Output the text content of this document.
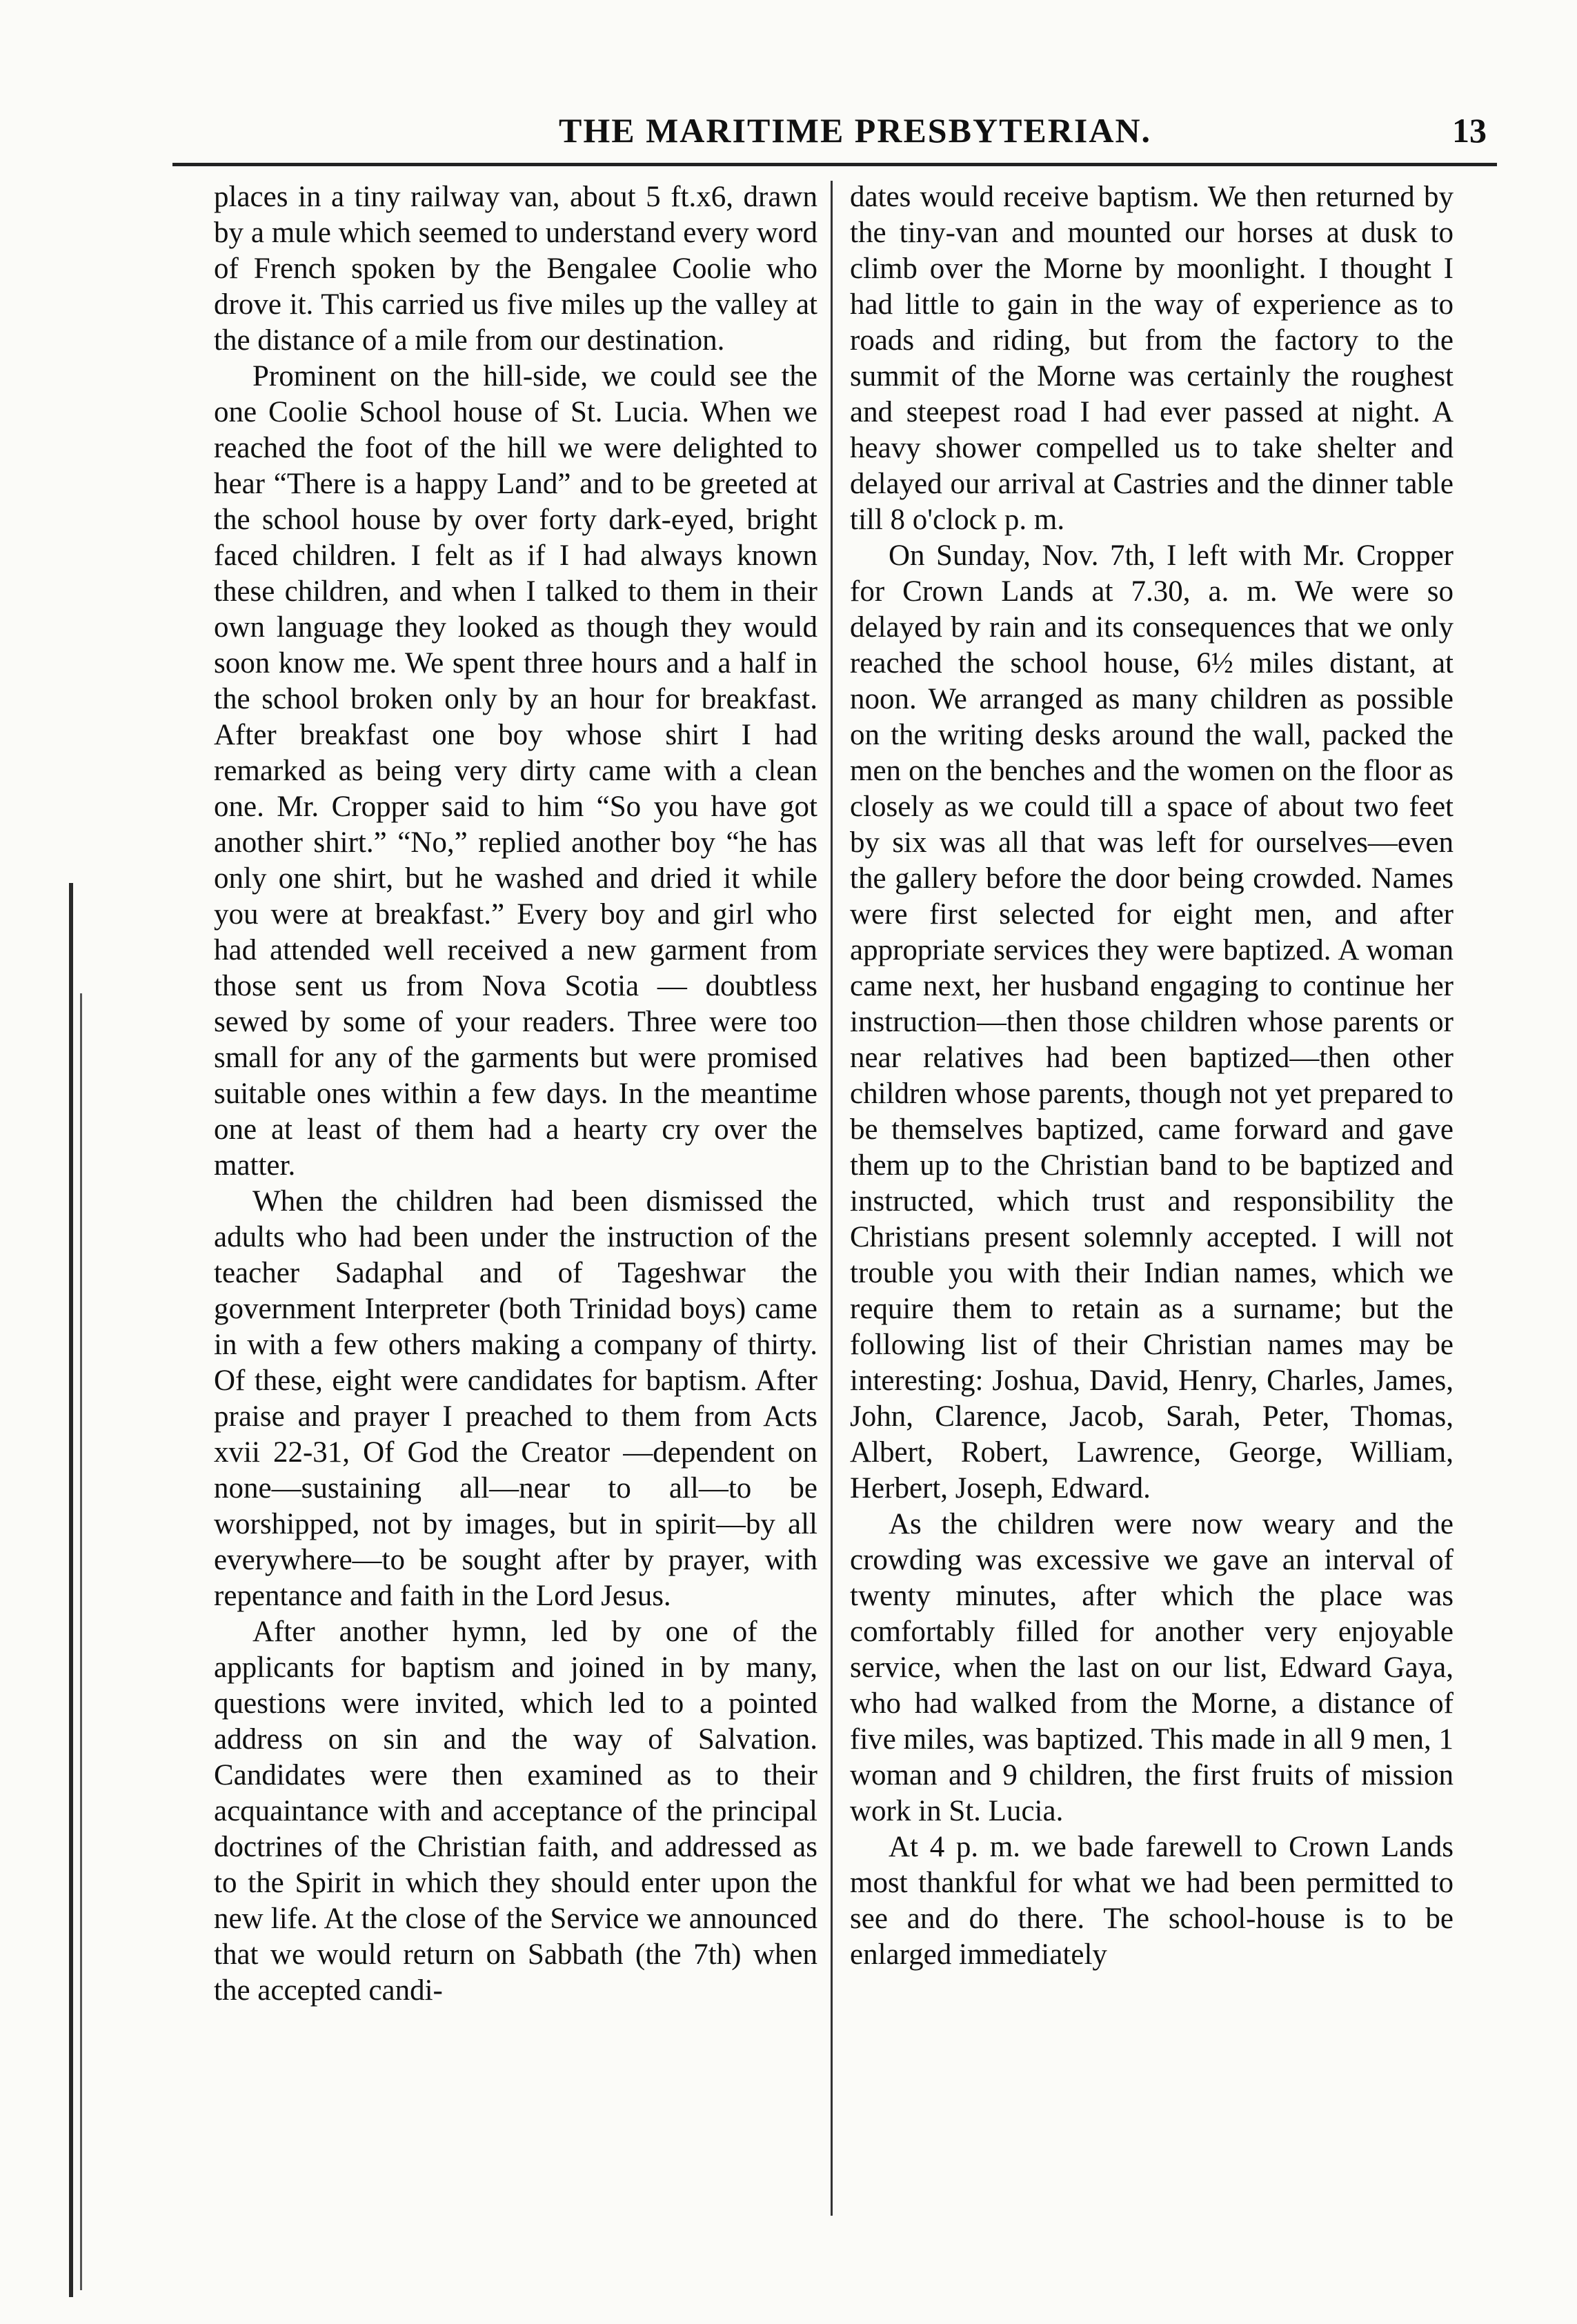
THE MARITIME PRESBYTERIAN.	13

places in a tiny railway van, about 5 ft.x6, drawn by a mule which seemed to understand every word of French spoken by the Bengalee Coolie who drove it. This carried us five miles up the valley at the distance of a mile from our destination.

Prominent on the hill-side, we could see the one Coolie School house of St. Lucia. When we reached the foot of the hill we were delighted to hear “There is a happy Land” and to be greeted at the school house by over forty dark-eyed, bright faced children. I felt as if I had always known these children, and when I talked to them in their own language they looked as though they would soon know me. We spent three hours and a half in the school broken only by an hour for breakfast. After breakfast one boy whose shirt I had remarked as being very dirty came with a clean one. Mr. Cropper said to him “So you have got another shirt.” “No,” replied another boy “he has only one shirt, but he washed and dried it while you were at breakfast.” Every boy and girl who had attended well received a new garment from those sent us from Nova Scotia — doubtless sewed by some of your readers. Three were too small for any of the garments but were promised suitable ones within a few days. In the meantime one at least of them had a hearty cry over the matter.

When the children had been dismissed the adults who had been under the instruction of the teacher Sadaphal and of Tageshwar the government Interpreter (both Trinidad boys) came in with a few others making a company of thirty. Of these, eight were candidates for baptism. After praise and prayer I preached to them from Acts xvii 22-31, Of God the Creator —dependent on none—sustaining all—near to all—to be worshipped, not by images, but in spirit—by all everywhere—to be sought after by prayer, with repentance and faith in the Lord Jesus.

After another hymn, led by one of the applicants for baptism and joined in by many, questions were invited, which led to a pointed address on sin and the way of Salvation. Candidates were then examined as to their acquaintance with and acceptance of the principal doctrines of the Christian faith, and addressed as to the Spirit in which they should enter upon the new life. At the close of the Service we announced that we would return on Sabbath (the 7th) when the accepted candi-

dates would receive baptism. We then returned by the tiny-van and mounted our horses at dusk to climb over the Morne by moonlight. I thought I had little to gain in the way of experience as to roads and riding, but from the factory to the summit of the Morne was certainly the roughest and steepest road I had ever passed at night. A heavy shower compelled us to take shelter and delayed our arrival at Castries and the dinner table till 8 o'clock p. m.

On Sunday, Nov. 7th, I left with Mr. Cropper for Crown Lands at 7.30, a. m. We were so delayed by rain and its consequences that we only reached the school house, 6½ miles distant, at noon. We arranged as many children as possible on the writing desks around the wall, packed the men on the benches and the women on the floor as closely as we could till a space of about two feet by six was all that was left for ourselves—even the gallery before the door being crowded. Names were first selected for eight men, and after appropriate services they were baptized. A woman came next, her husband engaging to continue her instruction—then those children whose parents or near relatives had been baptized—then other children whose parents, though not yet prepared to be themselves baptized, came forward and gave them up to the Christian band to be baptized and instructed, which trust and responsibility the Christians present solemnly accepted. I will not trouble you with their Indian names, which we require them to retain as a surname; but the following list of their Christian names may be interesting: Joshua, David, Henry, Charles, James, John, Clarence, Jacob, Sarah, Peter, Thomas, Albert, Robert, Lawrence, George, William, Herbert, Joseph, Edward.

As the children were now weary and the crowding was excessive we gave an interval of twenty minutes, after which the place was comfortably filled for another very enjoyable service, when the last on our list, Edward Gaya, who had walked from the Morne, a distance of five miles, was baptized. This made in all 9 men, 1 woman and 9 children, the first fruits of mission work in St. Lucia.

At 4 p. m. we bade farewell to Crown Lands most thankful for what we had been permitted to see and do there. The school-house is to be enlarged immediately
